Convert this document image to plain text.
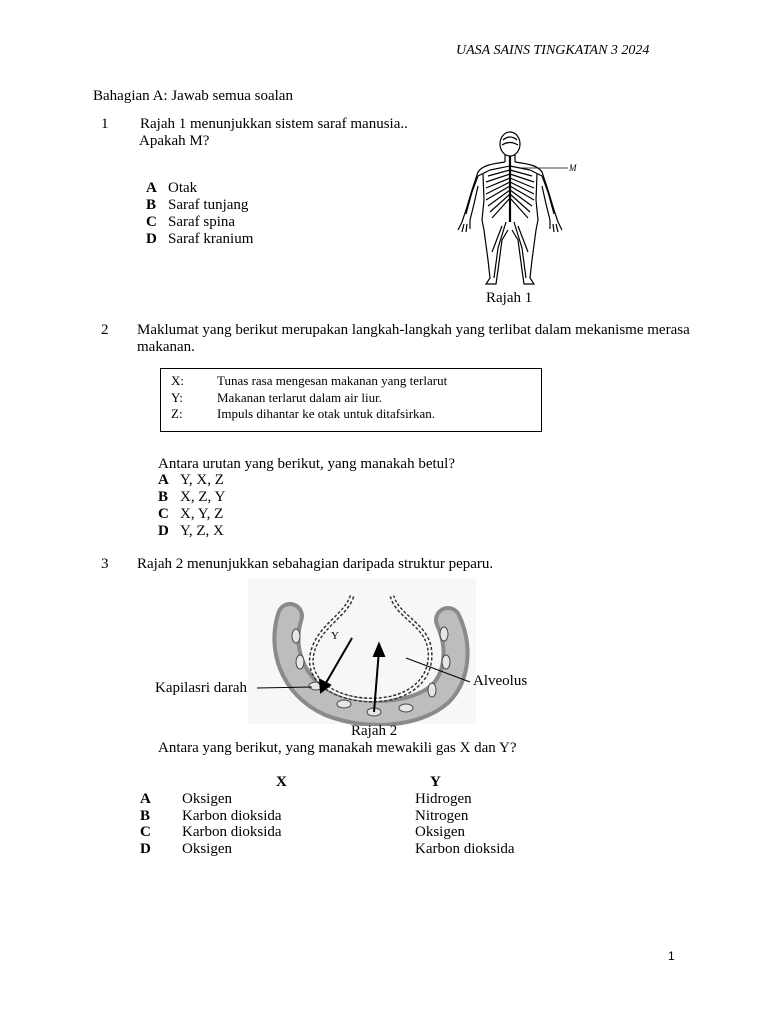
UASA SAINS TINGKATAN 3 2024
Bahagian A: Jawab semua soalan
1 Rajah 1 menunjukkan sistem saraf manusia..
Apakah M?
A Otak
B Saraf tunjang
C Saraf spina
D Saraf kranium
M
Rajah 1
2 Maklumat yang berikut merupakan langkah-langkah yang terlibat dalam mekanisme merasa
makanan.
X:	Tunas rasa mengesan makanan yang terlarut
Y:	Makanan terlarut dalam air liur.
Z:	Impuls dihantar ke otak untuk ditafsirkan.
Antara urutan yang berikut, yang manakah betul?
A Y, X, Z
B X, Z, Y
C X, Y, Z
D Y, Z, X
3 Rajah 2 menunjukkan sebahagian daripada struktur peparu.
Y
Kapilasri darah	Alveolus
Rajah 2
Antara yang berikut, yang manakah mewakili gas X dan Y?
X	Y
A Oksigen	Hidrogen
B Karbon dioksida	Nitrogen
C Karbon dioksida	Oksigen
D Oksigen	Karbon dioksida
1
